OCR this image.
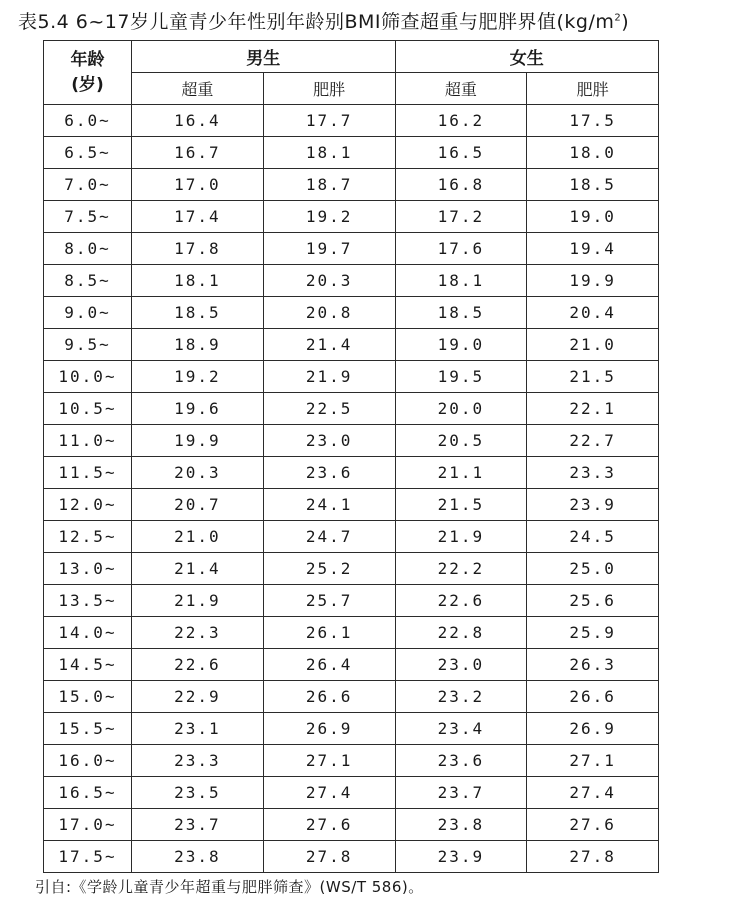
表5.4 6~17岁儿童青少年性别年龄别BMI筛查超重与肥胖界值$(kg/m^2)$
年龄
(岁)	男生		女生	
	超重	肥胖	超重	肥胖
6.0~	16.4	17.7	16.2	17.5
6.5~	16.7	18.1	16.5	18.0
7.0~	17.0	18.7	16.8	18.5
7.5~	17.4	19.2	17.2	19.0
8.0~	17.8	19.7	17.6	19.4
8.5~	18.1	20.3	18.1	19.9
9.0~	18.5	20.8	18.5	20.4
9.5~	18.9	21.4	19.0	21.0
10.0~	19.2	21.9	19.5	21.5
10.5~	19.6	22.5	20.0	22.1
11.0~	19.9	23.0	20.5	22.7
11.5~	20.3	23.6	21.1	23.3
12.0~	20.7	24.1	21.5	23.9
12.5~	21.0	24.7	21.9	24.5
13.0~	21.4	25.2	22.2	25.0
13.5~	21.9	25.7	22.6	25.6
14.0~	22.3	26.1	22.8	25.9
14.5~	22.6	26.4	23.0	26.3
15.0~	22.9	26.6	23.2	26.6
15.5~	23.1	26.9	23.4	26.9
16.0~	23.3	27.1	23.6	27.1
16.5~	23.5	27.4	23.7	27.4
17.0~	23.7	27.6	23.8	27.6
17.5~	23.8	27.8	23.9	27.8
引自:《学龄儿童青少年超重与肥胖筛查》(WS/T 586)。
